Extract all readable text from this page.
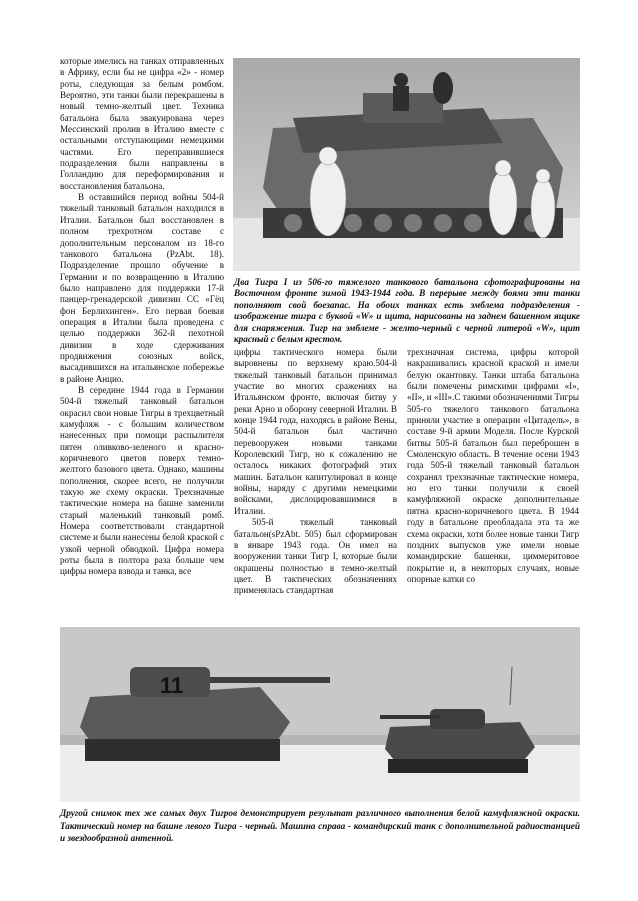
которые имелись на танках отправленных в Африку, если бы не цифра «2» - номер роты, следующая за белым ромбом. Вероятно, эти танки были перекрашены в новый темно-желтый цвет. Техника батальона была эвакуирована через Мессинский пролив в Италию вместе с остальными отступающими немецкими частями. Его переправившиеся подразделения были направлены в Голландию для переформирования и восстановления батальона.

В оставшийся период войны 504-й тяжелый танковый батальон находился в Италии. Батальон был восстановлен в полном трехротном составе с дополнительным персоналом из 18-го танкового батальона (PzAbt. 18). Подразделение прошло обучение в Германии и по возвращению в Италию было направлено для поддержки 17-й панцер-гренадерской дивизии СС «Гёц фон Берлихинген». Его первая боевая операция в Италии была проведена с целью поддержки 362-й пехотной дивизии в ходе сдерживания продвижения союзных войск, высадившихся на итальянское побережье в районе Анцио.

В середине 1944 года в Германии 504-й тяжелый танковый батальон окрасил свои новые Тигры в трехцветный камуфляж - с большим количеством нанесенных при помощи распылителя пятен оливково-зеленого и красно-коричневого цветов поверх темно-желтого базового цвета. Однако, машины пополнения, скорее всего, не получили такую же схему окраски. Трехзначные тактические номера на башне заменили старый маленький танковый ромб. Номера соответствовали стандартной системе и были нанесены белой краской с узкой черной обводкой. Цифра номера роты была в полтора раза больше чем цифры номера взвода и танка, все

Два Тигра I из 506-го тяжелого танкового батальона сфотографированы на Восточном фронте зимой 1943-1944 года. В перерыве между боями эти танки пополняют свой боезапас. На обоих танках есть эмблема подразделения - изображение тигра с буквой «W» и щита, нарисованы на заднем башенном ящике для снаряжения. Тигр на эмблеме - желто-черный с черной литерой «W», щит красный с белым крестом.

цифры тактического номера были выровнены по верхнему краю.504-й тяжелый танковый батальон принимал участие во многих сражениях на Итальянском фронте, включая битву у реки Арно и оборону северной Италии. В конце 1944 года, находясь в районе Вены, 504-й батальон был частично перевооружен новыми танками Королевский Тигр, но к сожалению не осталось никаких фотографий этих машин. Батальон капитулировал в конце войны, наряду с другими немецкими войсками, дислоцировавшимися в Италии.

505-й тяжелый танковый батальон(sPzAbt. 505) был сформирован в январе 1943 года. Он имел на вооружении танки Тигр I, которые были окрашены полностью в темно-желтый цвет. В тактических обозначениях применялась стандартная

трехзначная система, цифры которой накрашивались красной краской и имели белую окантовку. Танки штаба батальона были помечены римскими цифрами «I», «II», и «III».С такими обозначениями Тигры 505-го тяжелого танкового батальона приняли участие в операции «Цитадель», в составе 9-й армии Моделя. После Курской битвы 505-й батальон был переброшен в Смоленскую область. В течение осени 1943 года 505-й тяжелый танковый батальон сохранял трехзначные тактические номера, но его танки получили к своей камуфляжной окраске дополнительные пятна красно-коричневого цвета. В 1944 году в батальоне преобладала эта та же схема окраски, хотя более новые танки Тигр поздних выпусков уже имели новые командирские башенки, циммеритовое покрытие и, в некоторых случаях, новые опорные катки со

11
Другой снимок тех же самых двух Тигров демонстрирует результат различного выполнения белой камуфляжной окраски. Тактический номер на башне левого Тигра - черный. Машина справа - командирский танк с дополнительной радиостанцией и звездообразной антенной.
